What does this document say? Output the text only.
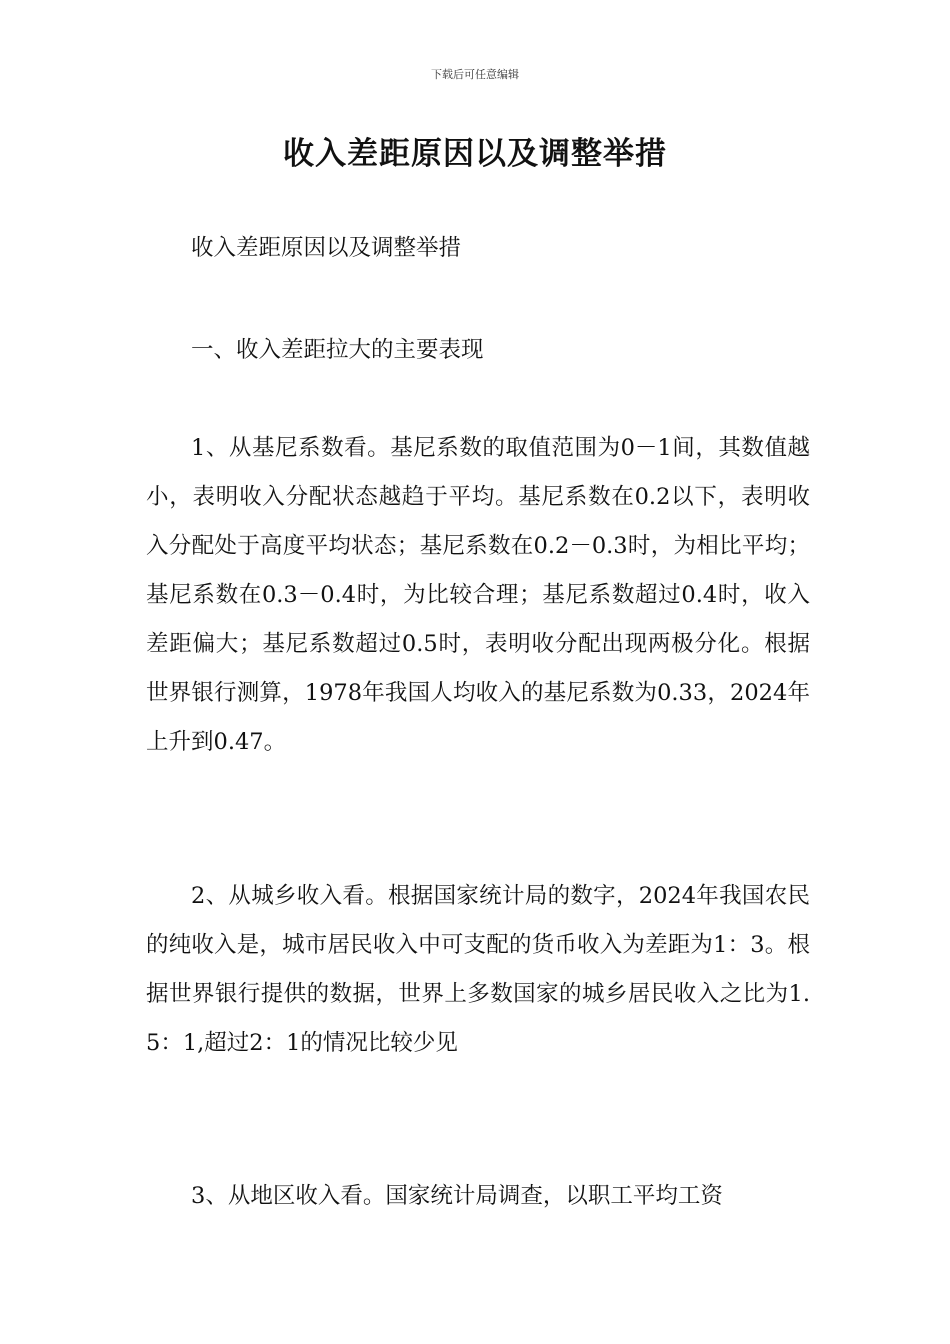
下载后可任意编辑
收入差距原因以及调整举措

收入差距原因以及调整举措

一、收入差距拉大的主要表现

1、从基尼系数看。基尼系数的取值范围为0－1间，其数值越小，表明收入分配状态越趋于平均。基尼系数在0.2以下，表明收入分配处于高度平均状态；基尼系数在0.2－0.3时，为相比平均；基尼系数在0.3－0.4时，为比较合理；基尼系数超过0.4时，收入差距偏大；基尼系数超过0.5时，表明收分配出现两极分化。根据世界银行测算，1978年我国人均收入的基尼系数为0.33，2024年上升到0.47。

2、从城乡收入看。根据国家统计局的数字，2024年我国农民的纯收入是，城市居民收入中可支配的货币收入为差距为1：3。根据世界银行提供的数据，世界上多数国家的城乡居民收入之比为1.5：1,超过2：1的情况比较少见

3、从地区收入看。国家统计局调查，以职工平均工资
